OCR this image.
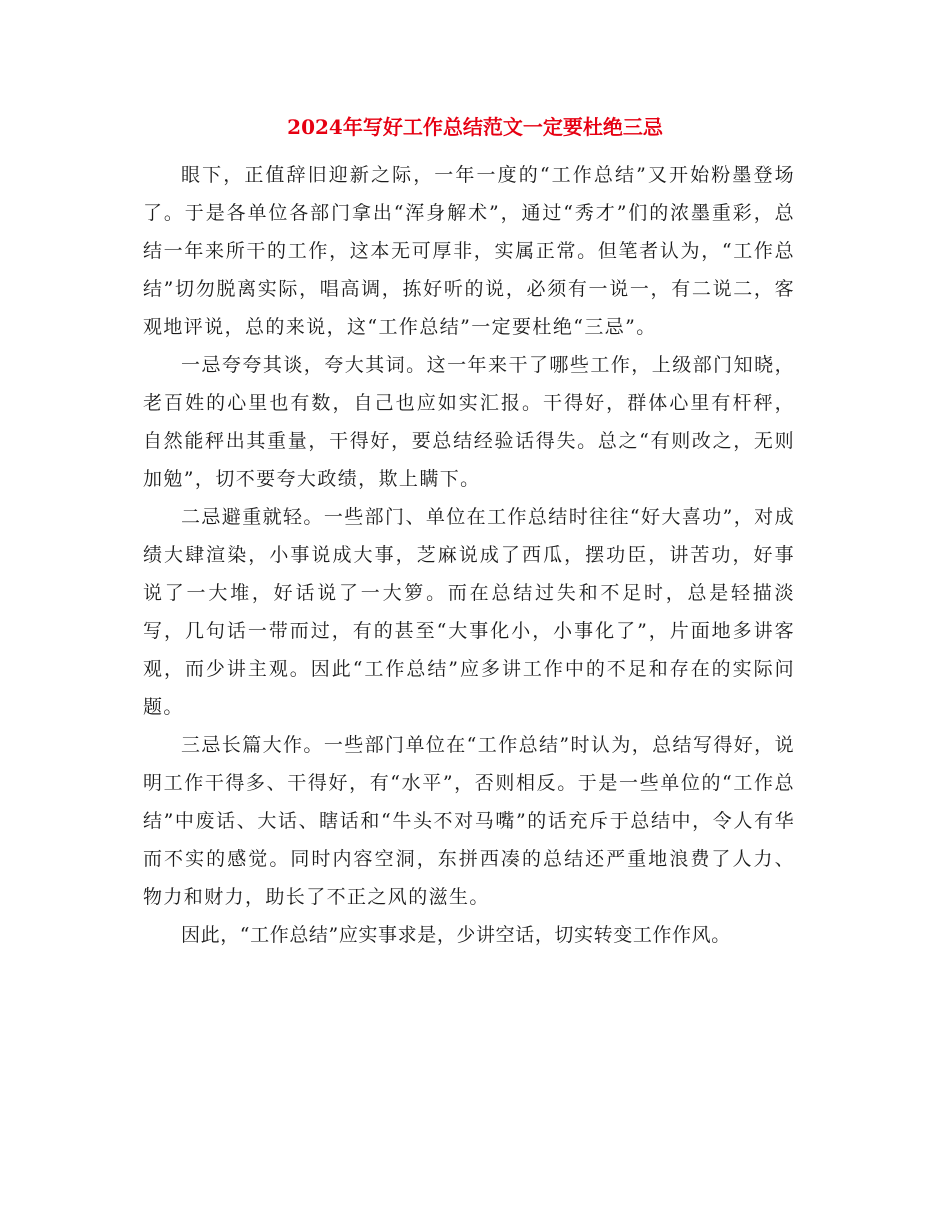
2024年写好工作总结范文一定要杜绝三忌

眼下，正值辞旧迎新之际，一年一度的“工作总结”又开始粉墨登场了。于是各单位各部门拿出“浑身解术”，通过“秀才”们的浓墨重彩，总结一年来所干的工作，这本无可厚非，实属正常。但笔者认为，“工作总结”切勿脱离实际，唱高调，拣好听的说，必须有一说一，有二说二，客观地评说，总的来说，这“工作总结”一定要杜绝“三忌”。

一忌夸夸其谈，夸大其词。这一年来干了哪些工作，上级部门知晓，老百姓的心里也有数，自己也应如实汇报。干得好，群体心里有杆秤，自然能秤出其重量，干得好，要总结经验话得失。总之“有则改之，无则加勉”，切不要夸大政绩，欺上瞒下。

二忌避重就轻。一些部门、单位在工作总结时往往“好大喜功”，对成绩大肆渲染，小事说成大事，芝麻说成了西瓜，摆功臣，讲苦功，好事说了一大堆，好话说了一大箩。而在总结过失和不足时，总是轻描淡写，几句话一带而过，有的甚至“大事化小，小事化了”，片面地多讲客观，而少讲主观。因此“工作总结”应多讲工作中的不足和存在的实际问题。

三忌长篇大作。一些部门单位在“工作总结”时认为，总结写得好，说明工作干得多、干得好，有“水平”，否则相反。于是一些单位的“工作总结”中废话、大话、瞎话和“牛头不对马嘴”的话充斥于总结中，令人有华而不实的感觉。同时内容空洞，东拼西凑的总结还严重地浪费了人力、物力和财力，助长了不正之风的滋生。

因此，“工作总结”应实事求是，少讲空话，切实转变工作作风。
